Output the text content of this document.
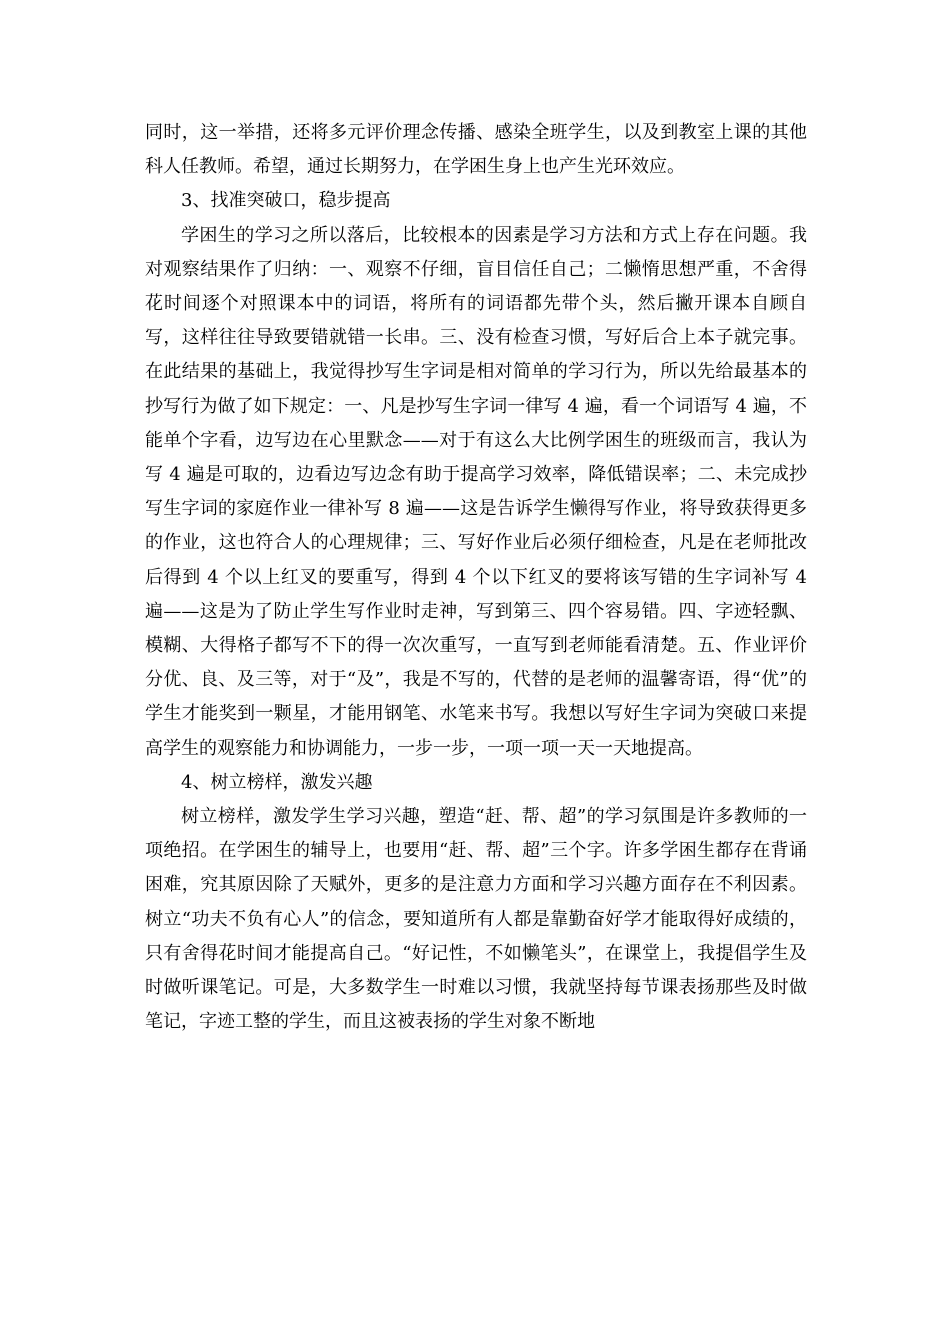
同时，这一举措，还将多元评价理念传播、感染全班学生，以及到教室上课的其他科人任教师。希望，通过长期努力，在学困生身上也产生光环效应。

3、找准突破口，稳步提高

学困生的学习之所以落后，比较根本的因素是学习方法和方式上存在问题。我对观察结果作了归纳：一、观察不仔细，盲目信任自己；二懒惰思想严重，不舍得花时间逐个对照课本中的词语，将所有的词语都先带个头，然后撇开课本自顾自写，这样往往导致要错就错一长串。三、没有检查习惯，写好后合上本子就完事。在此结果的基础上，我觉得抄写生字词是相对简单的学习行为，所以先给最基本的抄写行为做了如下规定：一、凡是抄写生字词一律写 4 遍，看一个词语写 4 遍，不能单个字看，边写边在心里默念——对于有这么大比例学困生的班级而言，我认为写 4 遍是可取的，边看边写边念有助于提高学习效率，降低错误率；二、未完成抄写生字词的家庭作业一律补写 8 遍——这是告诉学生懒得写作业，将导致获得更多的作业，这也符合人的心理规律；三、写好作业后必须仔细检查，凡是在老师批改后得到 4 个以上红叉的要重写，得到 4 个以下红叉的要将该写错的生字词补写 4 遍——这是为了防止学生写作业时走神，写到第三、四个容易错。四、字迹轻飘、模糊、大得格子都写不下的得一次次重写，一直写到老师能看清楚。五、作业评价分优、良、及三等，对于“及”，我是不写的，代替的是老师的温馨寄语，得“优”的学生才能奖到一颗星，才能用钢笔、水笔来书写。我想以写好生字词为突破口来提高学生的观察能力和协调能力，一步一步，一项一项一天一天地提高。

4、树立榜样，激发兴趣

树立榜样，激发学生学习兴趣，塑造“赶、帮、超”的学习氛围是许多教师的一项绝招。在学困生的辅导上，也要用“赶、帮、超”三个字。许多学困生都存在背诵困难，究其原因除了天赋外，更多的是注意力方面和学习兴趣方面存在不利因素。树立“功夫不负有心人”的信念，要知道所有人都是靠勤奋好学才能取得好成绩的，只有舍得花时间才能提高自己。“好记性，不如懒笔头”，在课堂上，我提倡学生及时做听课笔记。可是，大多数学生一时难以习惯，我就坚持每节课表扬那些及时做笔记，字迹工整的学生，而且这被表扬的学生对象不断地
